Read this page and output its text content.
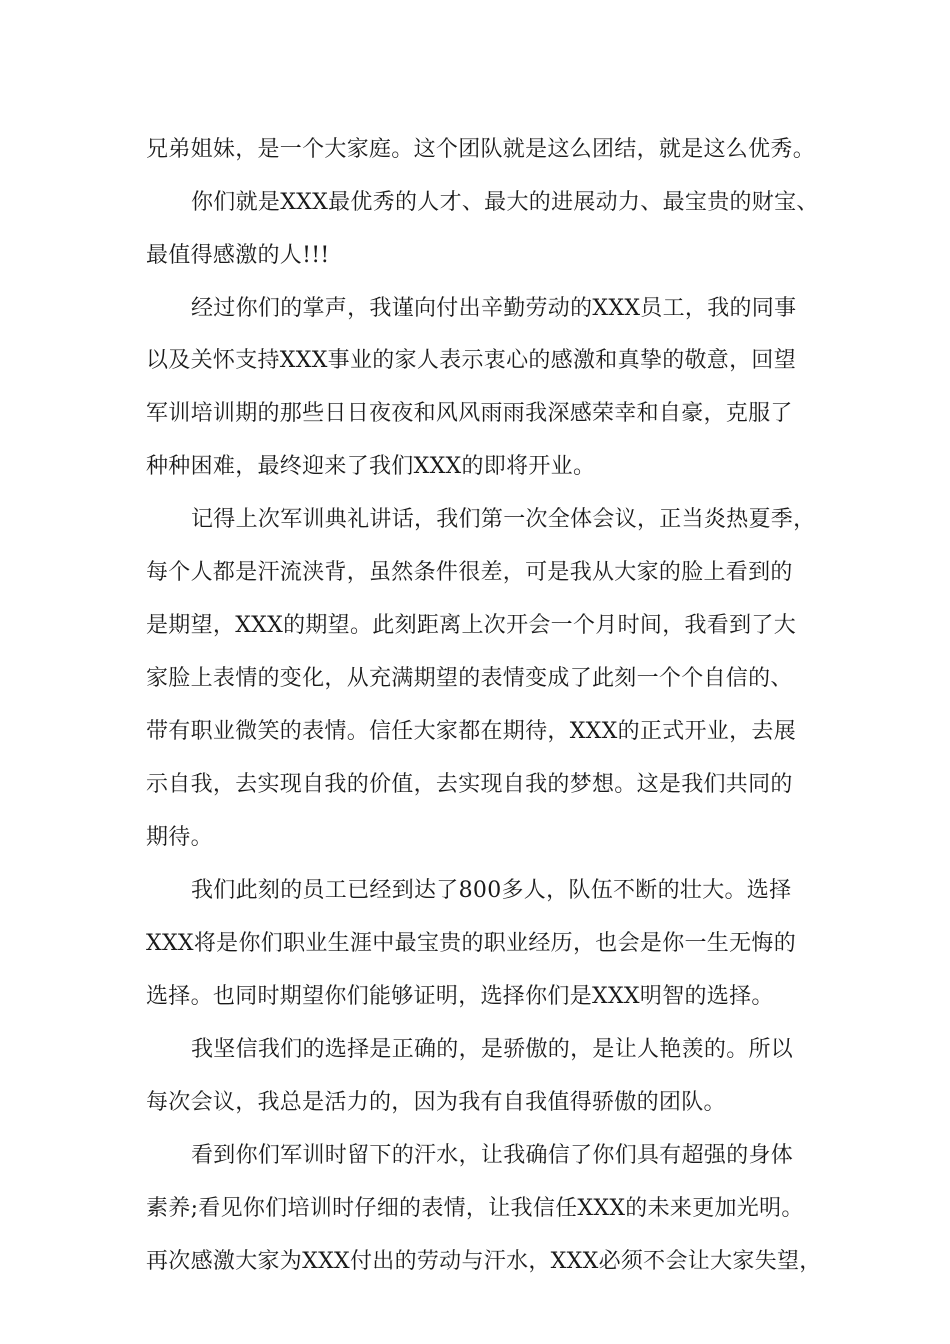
兄弟姐妹，是一个大家庭。这个团队就是这么团结，就是这么优秀。
你们就是XXX最优秀的人才、最大的进展动力、最宝贵的财宝、
最值得感激的人!!!
经过你们的掌声，我谨向付出辛勤劳动的XXX员工，我的同事
以及关怀支持XXX事业的家人表示衷心的感激和真挚的敬意，回望
军训培训期的那些日日夜夜和风风雨雨我深感荣幸和自豪，克服了
种种困难，最终迎来了我们XXX的即将开业。
记得上次军训典礼讲话，我们第一次全体会议，正当炎热夏季，
每个人都是汗流浃背，虽然条件很差，可是我从大家的脸上看到的
是期望，XXX的期望。此刻距离上次开会一个月时间，我看到了大
家脸上表情的变化，从充满期望的表情变成了此刻一个个自信的、
带有职业微笑的表情。信任大家都在期待，XXX的正式开业，去展
示自我，去实现自我的价值，去实现自我的梦想。这是我们共同的
期待。
我们此刻的员工已经到达了800多人，队伍不断的壮大。选择
XXX将是你们职业生涯中最宝贵的职业经历，也会是你一生无悔的
选择。也同时期望你们能够证明，选择你们是XXX明智的选择。
我坚信我们的选择是正确的，是骄傲的，是让人艳羡的。所以
每次会议，我总是活力的，因为我有自我值得骄傲的团队。
看到你们军训时留下的汗水，让我确信了你们具有超强的身体
素养;看见你们培训时仔细的表情，让我信任XXX的未来更加光明。
再次感激大家为XXX付出的劳动与汗水，XXX必须不会让大家失望，
